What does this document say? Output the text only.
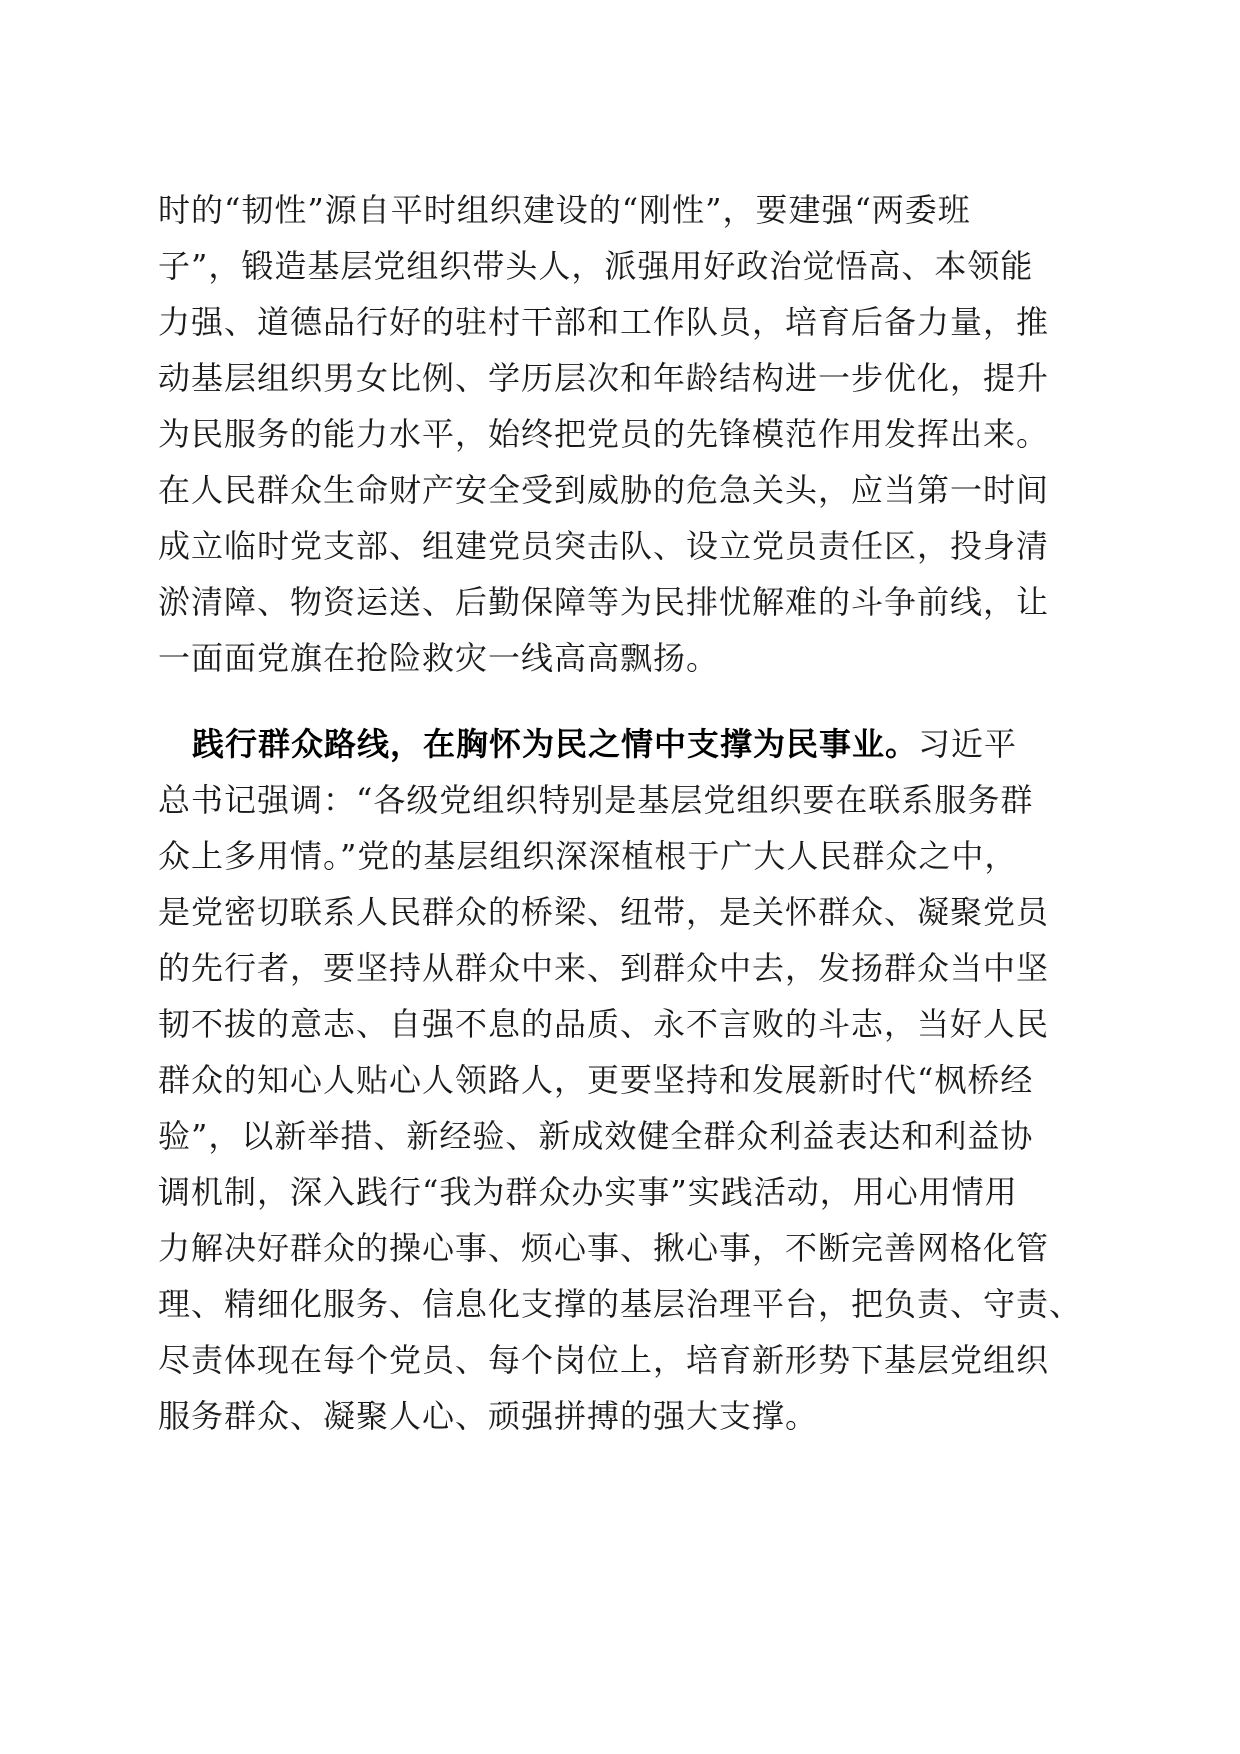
时的“韧性”源自平时组织建设的“刚性”，要建强“两委班

子”，锻造基层党组织带头人，派强用好政治觉悟高、本领能

力强、道德品行好的驻村干部和工作队员，培育后备力量，推

动基层组织男女比例、学历层次和年龄结构进一步优化，提升

为民服务的能力水平，始终把党员的先锋模范作用发挥出来。

在人民群众生命财产安全受到威胁的危急关头，应当第一时间

成立临时党支部、组建党员突击队、设立党员责任区，投身清

淤清障、物资运送、后勤保障等为民排忧解难的斗争前线，让

一面面党旗在抢险救灾一线高高飘扬。

践行群众路线，在胸怀为民之情中支撑为民事业。习近平

总书记强调：“各级党组织特别是基层党组织要在联系服务群

众上多用情。”党的基层组织深深植根于广大人民群众之中，

是党密切联系人民群众的桥梁、纽带，是关怀群众、凝聚党员

的先行者，要坚持从群众中来、到群众中去，发扬群众当中坚

韧不拔的意志、自强不息的品质、永不言败的斗志，当好人民

群众的知心人贴心人领路人，更要坚持和发展新时代“枫桥经

验”，以新举措、新经验、新成效健全群众利益表达和利益协

调机制，深入践行“我为群众办实事”实践活动，用心用情用

力解决好群众的操心事、烦心事、揪心事，不断完善网格化管

理、精细化服务、信息化支撑的基层治理平台，把负责、守责、

尽责体现在每个党员、每个岗位上，培育新形势下基层党组织

服务群众、凝聚人心、顽强拼搏的强大支撑。
